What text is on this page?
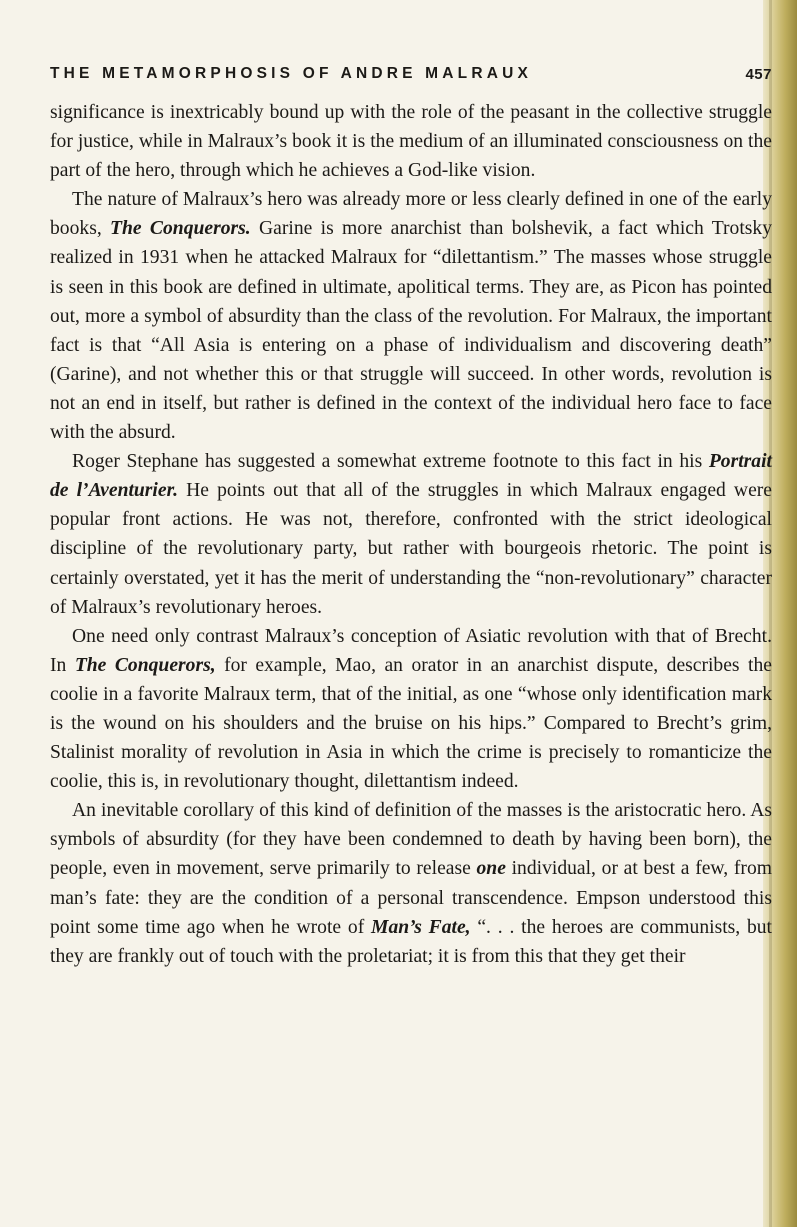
THE METAMORPHOSIS OF ANDRE MALRAUX	457

significance is inextricably bound up with the role of the peasant in the collective struggle for justice, while in Malraux’s book it is the medium of an illuminated consciousness on the part of the hero, through which he achieves a God-like vision.

The nature of Malraux’s hero was already more or less clearly defined in one of the early books, The Conquerors. Garine is more anarchist than bolshevik, a fact which Trotsky realized in 1931 when he attacked Malraux for “dilettantism.” The masses whose struggle is seen in this book are defined in ultimate, apolitical terms. They are, as Picon has pointed out, more a symbol of absurdity than the class of the revolution. For Malraux, the important fact is that “All Asia is entering on a phase of individualism and discovering death” (Garine), and not whether this or that struggle will succeed. In other words, revolution is not an end in itself, but rather is defined in the context of the individual hero face to face with the absurd.

Roger Stephane has suggested a somewhat extreme footnote to this fact in his Portrait de l’Aventurier. He points out that all of the struggles in which Malraux engaged were popular front actions. He was not, therefore, confronted with the strict ideological discipline of the revolutionary party, but rather with bourgeois rhetoric. The point is certainly overstated, yet it has the merit of understanding the “non-revolutionary” character of Malraux’s revolutionary heroes.

One need only contrast Malraux’s conception of Asiatic revolution with that of Brecht. In The Conquerors, for example, Mao, an orator in an anarchist dispute, describes the coolie in a favorite Malraux term, that of the initial, as one “whose only identification mark is the wound on his shoulders and the bruise on his hips.” Compared to Brecht’s grim, Stalinist morality of revolution in Asia in which the crime is precisely to romanticize the coolie, this is, in revolutionary thought, dilettantism indeed.

An inevitable corollary of this kind of definition of the masses is the aristocratic hero. As symbols of absurdity (for they have been condemned to death by having been born), the people, even in movement, serve primarily to release one individual, or at best a few, from man’s fate: they are the condition of a personal transcendence. Empson understood this point some time ago when he wrote of Man’s Fate, “. . . the heroes are communists, but they are frankly out of touch with the proletariat; it is from this that they get their
